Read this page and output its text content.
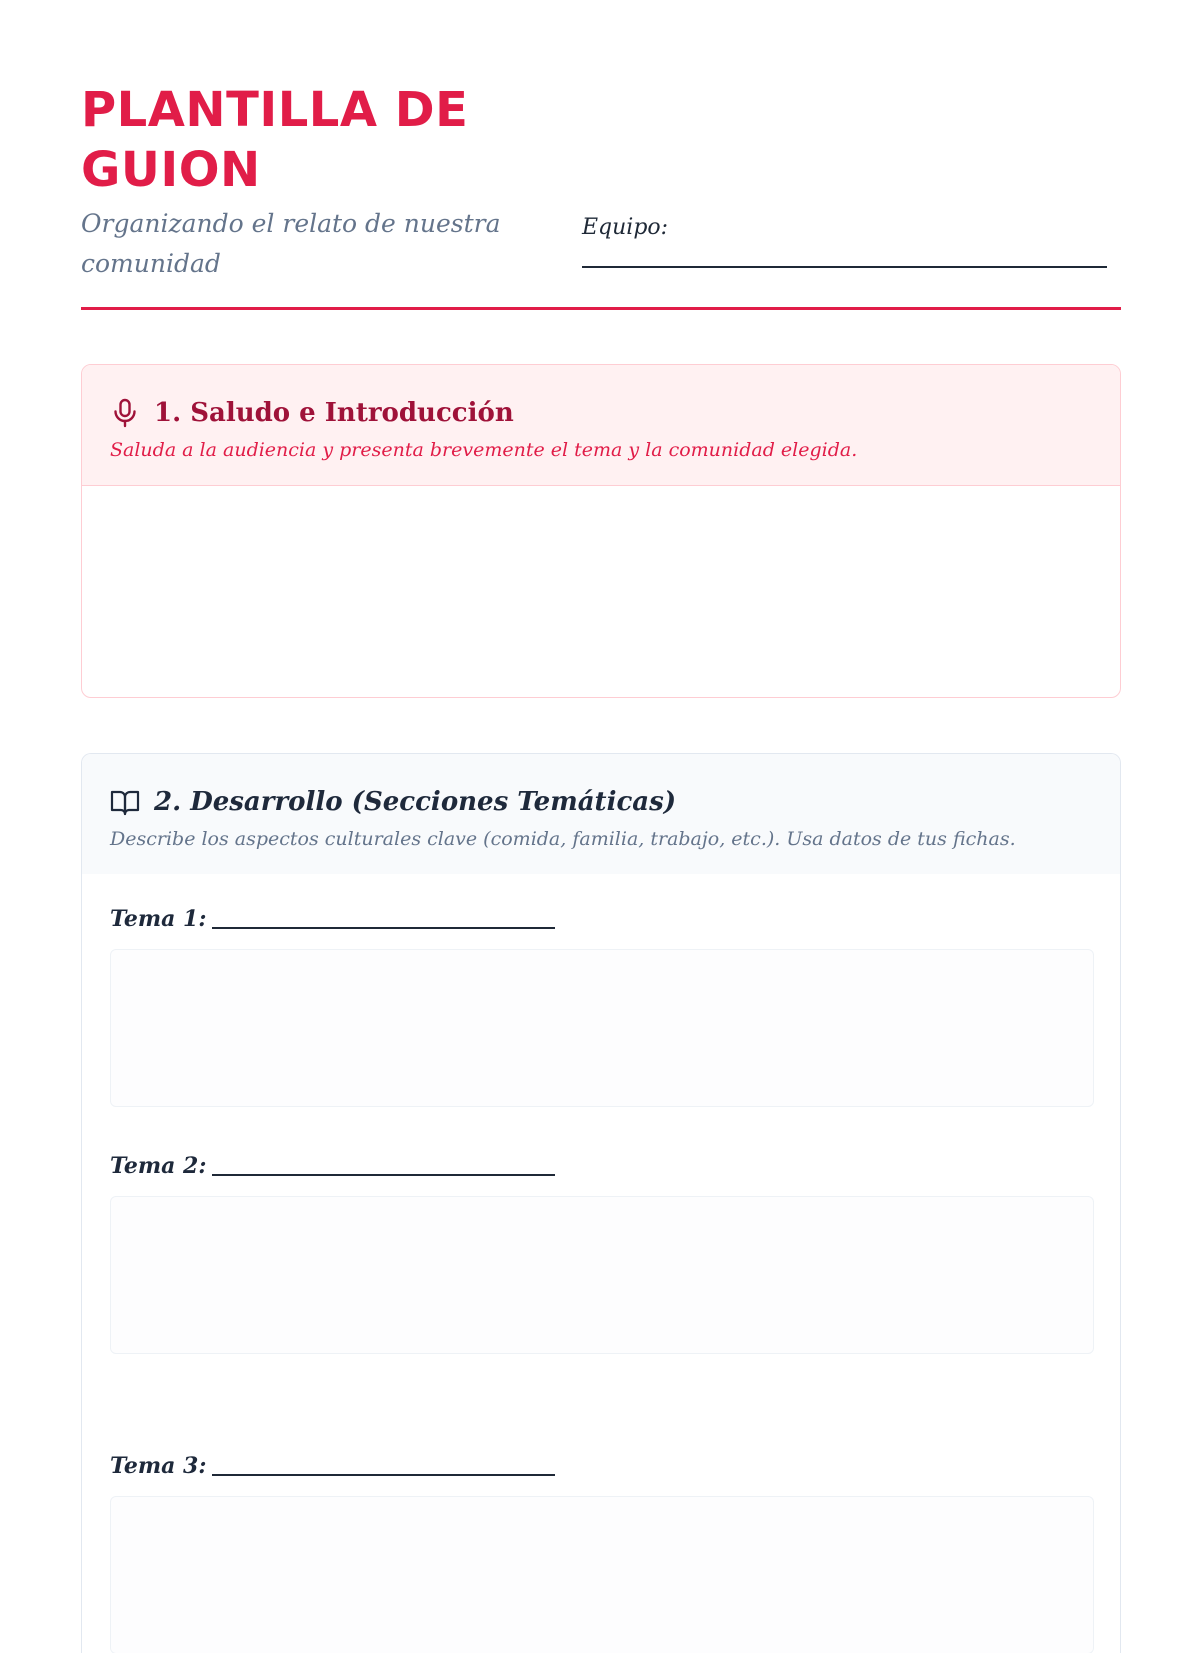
PLANTILLA DE GUION

Organizando el relato de nuestra comunidad

Equipo:
1. Saludo e Introducción

Saluda a la audiencia y presenta brevemente el tema y la comunidad elegida.

2. Desarrollo (Secciones Temáticas)

Describe los aspectos culturales clave (comida, familia, trabajo, etc.). Usa datos de tus fichas.

Tema 1:
Tema 2:
Tema 3:
